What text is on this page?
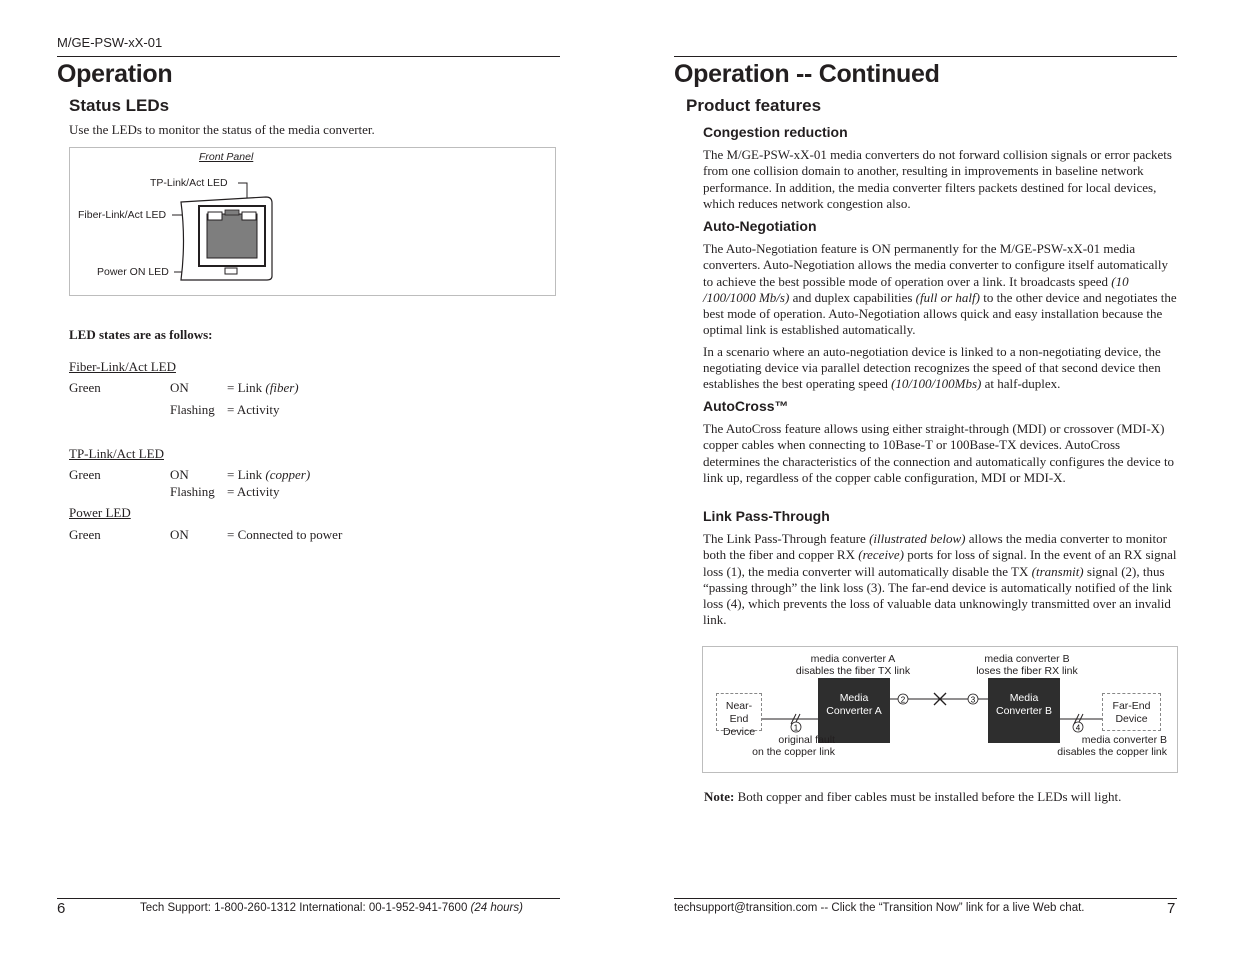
M/GE-PSW-xX-01
Operation
Status LEDs
Use the LEDs to monitor the status of the media converter.
Front Panel
TP-Link/Act LED
Fiber-Link/Act LED
Power ON LED
LED states are as follows:
Fiber-Link/Act LED
Green	ON	= Link (fiber)
Flashing = Activity
TP-Link/Act LED
Green	ON	= Link (copper)
Flashing = Activity
Power LED
Green	ON	= Connected to power
6	Tech Support: 1-800-260-1312 International: 00-1-952-941-7600 (24 hours)
Operation -- Continued
Product features
Congestion reduction

The M/GE-PSW-xX-01 media converters do not forward collision signals or error packets from one collision domain to another, resulting in improvements in baseline network performance. In addition, the media converter filters packets destined for local devices, which reduces network congestion also.

Auto-Negotiation

The Auto-Negotiation feature is ON permanently for the M/GE-PSW-xX-01 media converters. Auto-Negotiation allows the media converter to configure itself automatically to achieve the best possible mode of operation over a link. It broadcasts speed (10 /100/1000 Mb/s) and duplex capabilities (full or half) to the other device and negotiates the best mode of operation. Auto-Negotiation allows quick and easy installation because the optimal link is established automatically.

In a scenario where an auto-negotiation device is linked to a non-negotiating device, the negotiating device via parallel detection recognizes the speed of that second device then establishes the best operating speed (10/100/100Mbs) at half-duplex.

AutoCross™

The AutoCross feature allows using either straight-through (MDI) or crossover (MDI-X) copper cables when connecting to 10Base-T or 100Base-TX devices. AutoCross determines the characteristics of the connection and automatically configures the device to link up, regardless of the copper cable configuration, MDI or MDI-X.

Link Pass-Through

The Link Pass-Through feature (illustrated below) allows the media converter to monitor both the fiber and copper RX (receive) ports for loss of signal. In the event of an RX signal loss (1), the media converter will automatically disable the TX (transmit) signal (2), thus “passing through” the link loss (3). The far-end device is automatically notified of the link loss (4), which prevents the loss of valuable data unknowingly transmitted over an invalid link.

1
2	3
4
media converter A
disables the fiber TX link
media converter B
loses the fiber RX link
Near-End
Device
Media
Converter A
Media
Converter B	Far-End
Device
original fault
on the copper link
media converter B
disables the copper link
Note: Both copper and fiber cables must be installed before the LEDs will light.
techsupport@transition.com -- Click the “Transition Now” link for a live Web chat.	7
